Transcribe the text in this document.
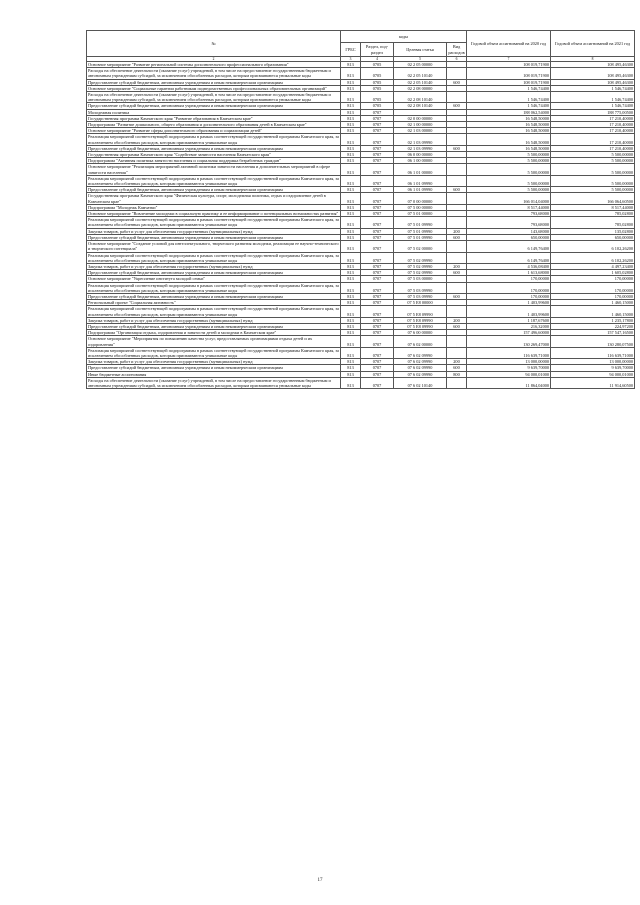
№	коды				Годовой объем ассигнований на 2020 год	Годовой объем ассигнований на 2021 год
	ГРБС	Раздел, под- раздел	Целевая статья	Вид расходов		
2	3	4	5	6	7	8
Основное мероприятие "Развитие региональной системы дополнительного профессионального образования"	813	0705	02 2 05 00000		108 019,71900	108 495,46300
Расходы на обеспечение деятельности (оказание услуг) учреждений, в том числе на предоставление государственным бюджетным и автономным учреждениям субсидий, за исключением обособленных расходов, которым присваиваются уникальные коды	813	0705	02 2 05 10140		108 019,71900	108 495,46300
Предоставление субсидий бюджетным, автономным учреждениям и иным некоммерческим организациям	813	0705	02 2 05 10140	600	108 019,71900	108 495,46300
Основное мероприятие "Социальные гарантии работникам подведомственных профессиональных образовательных организаций"	813	0705	02 2 08 00000		1 546,74400	1 546,74400
Расходы на обеспечение деятельности (оказание услуг) учреждений, в том числе на предоставление государственным бюджетным и автономным учреждениям субсидий, за исключением обособленных расходов, которым присваиваются уникальные коды	813	0705	02 2 08 10140		1 546,74400	1 546,74400
Предоставление субсидий бюджетным, автономным учреждениям и иным некоммерческим организациям	813	0705	02 2 08 10140	600	1 546,74400	1 546,74400
Молодежная политика	813	0707			188 062,54000	188 775,00500
Государственная программа Камчатского края "Развитие образования в Камчатском крае"	813	0707	02 0 00 00000		16 548,50000	17 210,40000
Подпрограмма "Развитие дошкольного, общего образования и дополнительного образования детей в Камчатском крае"	813	0707	02 1 00 00000		16 548,50000	17 210,40000
Основное мероприятие "Развитие сферы дополнительного образования и социализации детей"	813	0707	02 1 03 00000		16 548,50000	17 210,40000
Реализация мероприятий соответствующей подпрограммы в рамках соответствующей государственной программы Камчатского края, за исключением обособленных расходов, которым присваиваются уникальные коды	813	0707	02 1 03 09990		16 548,50000	17 210,40000
Предоставление субсидий бюджетным, автономным учреждениям и иным некоммерческим организациям	813	0707	02 1 03 09990	600	16 548,50000	17 210,40000
Государственная программа Камчатского края "Содействие занятости населения Камчатского края"	813	0707	06 0 00 00000		5 500,00000	5 500,00000
Подпрограмма "Активная политика занятости населения и социальная поддержка безработных граждан"	813	0707	06 1 00 00000		5 500,00000	5 500,00000
Основное мероприятие "Реализация мероприятий активной политики занятости населения и дополнительных мероприятий в сфере занятости населения"	813	0707	06 1 01 00000		5 500,00000	5 500,00000
Реализация мероприятий соответствующей подпрограммы в рамках соответствующей государственной программы Камчатского края, за исключением обособленных расходов, которым присваиваются уникальные коды	813	0707	06 1 01 09990		5 500,00000	5 500,00000
Предоставление субсидий бюджетным, автономным учреждениям и иным некоммерческим организациям	813	0707	06 1 01 09990	600	5 500,00000	5 500,00000
Государственная программа Камчатского края "Физическая культура, спорт, молодежная политика, отдых и оздоровление детей в Камчатском крае"	813	0707	07 0 00 00000		166 014,04000	166 064,60500
Подпрограмма "Молодежь Камчатки"	813	0707	07 5 00 00000		8 517,44000	8 517,44000
Основное мероприятие "Вовлечение молодежи в социальную практику и ее информирование о потенциальных возможностях развития"	813	0707	07 5 01 00000		793,68000	785,02800
Реализация мероприятий соответствующей подпрограммы в рамках соответствующей государственной программы Камчатского края, за исключением обособленных расходов, которым присваиваются уникальные коды	813	0707	07 5 01 09990		793,68000	785,02800
Закупка товаров, работ и услуг для обеспечения государственных (муниципальных) нужд	813	0707	07 5 01 09990	200	143,68000	135,02800
Предоставление субсидий бюджетным, автономным учреждениям и иным некоммерческим организациям	813	0707	07 5 01 09990	600	650,00000	650,00000
Основное мероприятие "Создание условий для интеллектуального, творческого развития молодежи, реализации ее научно-технического и творческого потенциала"	813	0707	07 5 02 00000		6 149,76400	6 102,26200
Реализация мероприятий соответствующей подпрограммы в рамках соответствующей государственной программы Камчатского края, за исключением обособленных расходов, которым присваиваются уникальные коды	813	0707	07 5 02 09990		6 149,76400	6 102,26200
Закупка товаров, работ и услуг для обеспечения государственных (муниципальных) нужд	813	0707	07 5 02 09990	200	4 536,08400	4 497,23400
Предоставление субсидий бюджетным, автономным учреждениям и иным некоммерческим организациям	813	0707	07 5 02 09990	600	1 613,68000	1 605,02800
Основное мероприятие "Укрепление института молодой семьи"	813	0707	07 5 03 00000		170,00000	170,00000
Реализация мероприятий соответствующей подпрограммы в рамках соответствующей государственной программы Камчатского края, за исключением обособленных расходов, которым присваиваются уникальные коды	813	0707	07 5 03 09990		170,00000	170,00000
Предоставление субсидий бюджетным, автономным учреждениям и иным некоммерческим организациям	813	0707	07 5 03 09990	600	170,00000	170,00000
Региональный проект "Социальная активность"	813	0707	07 5 E8 00000		1 403,99600	1 460,15000
Реализация мероприятий соответствующей подпрограммы в рамках соответствующей государственной программы Камчатского края, за исключением обособленных расходов, которым присваиваются уникальные коды	813	0707	07 5 E8 09990		1 403,99600	1 460,15000
Закупка товаров, работ и услуг для обеспечения государственных (муниципальных) нужд	813	0707	07 5 E8 09990	200	1 187,67600	1 235,17800
Предоставление субсидий бюджетным, автономным учреждениям и иным некоммерческим организациям	813	0707	07 5 E8 09990	600	216,32000	224,97200
Подпрограмма "Организация отдыха, оздоровления и занятости детей и молодежи в Камчатском крае"	813	0707	07 6 00 00000		157 496,60000	157 547,16500
Основное мероприятие "Мероприятия по повышению качества услуг, предоставляемых организациями отдыха детей и их оздоровления"	813	0707	07 6 02 00000		130 269,47000	130 280,07500
Реализация мероприятий соответствующей подпрограммы в рамках соответствующей государственной программы Камчатского края, за исключением обособленных расходов, которым присваиваются уникальные коды	813	0707	07 6 02 09990		116 639,71000	116 639,71000
Закупка товаров, работ и услуг для обеспечения государственных (муниципальных) нужд	813	0707	07 6 02 09990	200	13 000,00000	13 000,00000
Предоставление субсидий бюджетным, автономным учреждениям и иным некоммерческим организациям	813	0707	07 6 02 09990	600	9 639,70000	9 639,70000
Иные бюджетные ассигнования	813	0707	07 6 02 09990	800	94 000,01000	94 000,01000
Расходы на обеспечение деятельности (оказание услуг) учреждений, в том числе на предоставление государственным бюджетным и автономным учреждениям субсидий, за исключением обособленных расходов, которым присваиваются уникальные коды	813	0707	07 6 02 10140		11 864,04000	11 914,60500
17
